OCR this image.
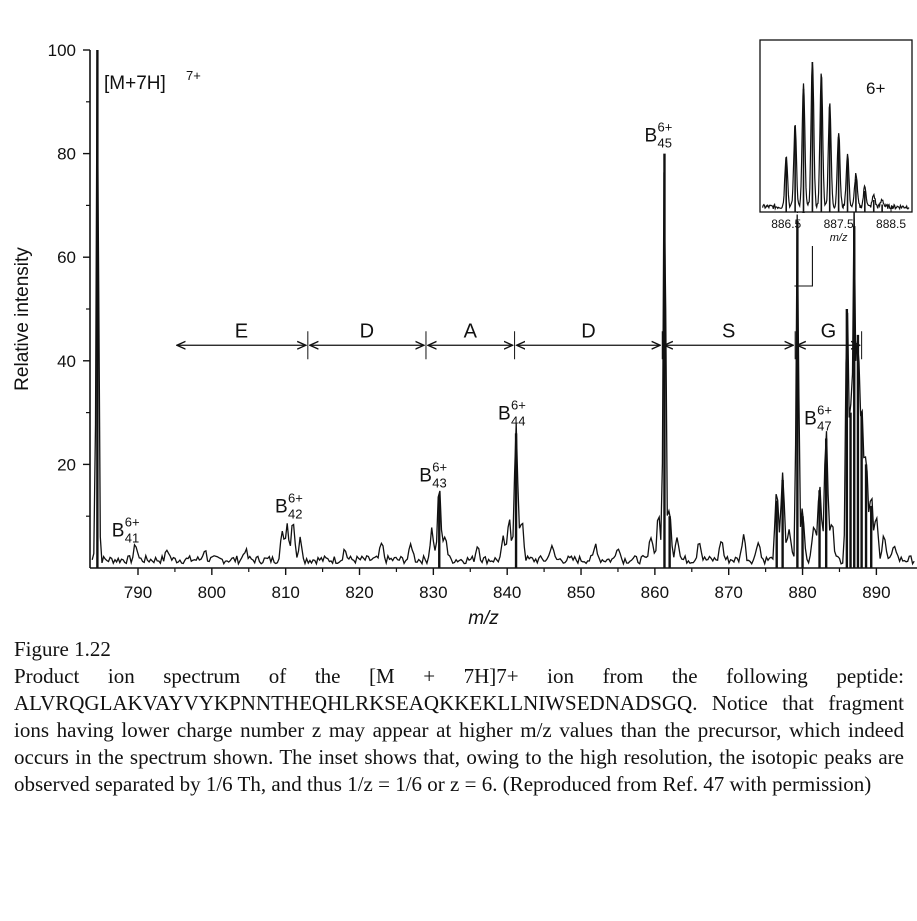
790	800	810	820	830	840	850	860	870	880	890
20
40
60
80
100
m/z
Relative intensity	E	D	A	D	S	G
[M+7H] 7+
B 6+
41
B 6+
42
B 6+
43
B 6+
44
B 6+
45
B 6+
47
886.5 887.5 888.5
m/z
6+
Figure 1.22

Product ion spectrum of the [M + 7H]7+ ion from the following peptide: ALVRQGLAKVAYVYKPNNTHEQHLRKSEAQKKEKLLNIWSEDNADSGQ. Notice that fragment ions having lower charge number z may appear at higher m/z values than the precursor, which indeed occurs in the spectrum shown. The inset shows that, owing to the high resolution, the isotopic peaks are observed separated by 1/6 Th, and thus 1/z = 1/6 or z = 6. (Reproduced from Ref. 47 with permission)
